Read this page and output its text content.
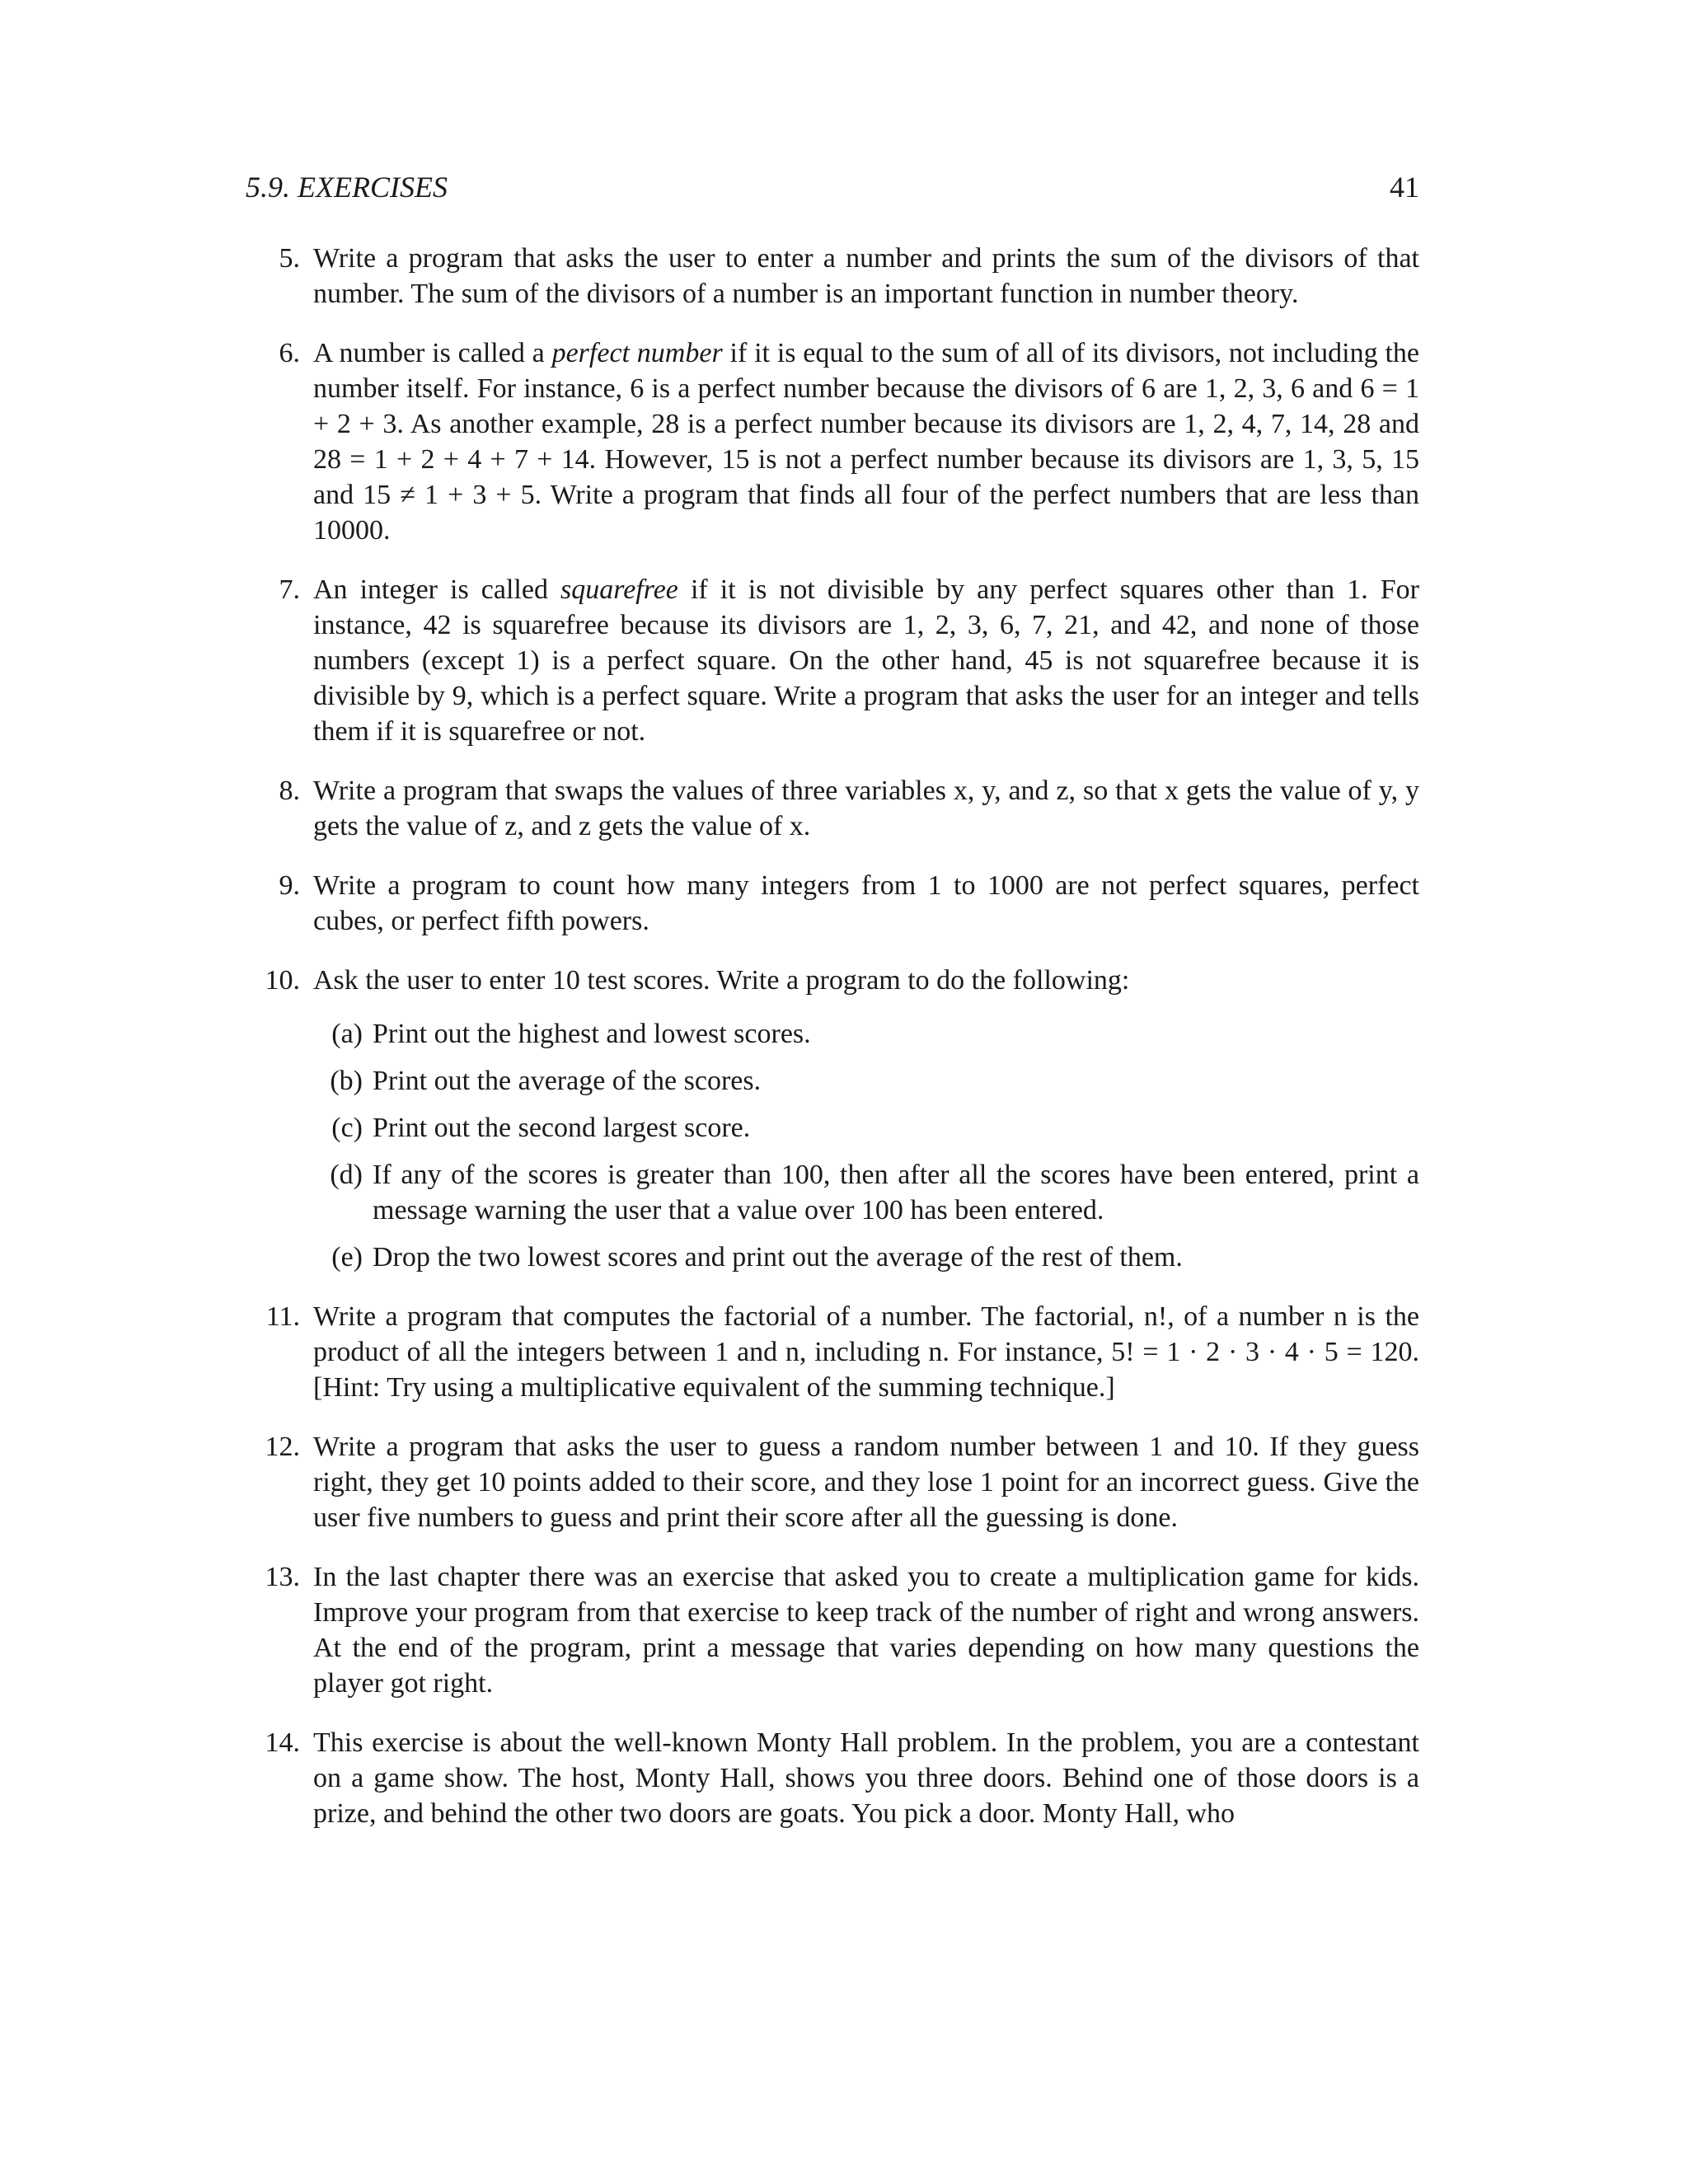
5.9. EXERCISES	41
5. Write a program that asks the user to enter a number and prints the sum of the divisors of that number. The sum of the divisors of a number is an important function in number theory.
6. A number is called a perfect number if it is equal to the sum of all of its divisors, not including the number itself. For instance, 6 is a perfect number because the divisors of 6 are 1, 2, 3, 6 and 6 = 1 + 2 + 3. As another example, 28 is a perfect number because its divisors are 1, 2, 4, 7, 14, 28 and 28 = 1 + 2 + 4 + 7 + 14. However, 15 is not a perfect number because its divisors are 1, 3, 5, 15 and 15 ≠ 1 + 3 + 5. Write a program that finds all four of the perfect numbers that are less than 10000.
7. An integer is called squarefree if it is not divisible by any perfect squares other than 1. For instance, 42 is squarefree because its divisors are 1, 2, 3, 6, 7, 21, and 42, and none of those numbers (except 1) is a perfect square. On the other hand, 45 is not squarefree because it is divisible by 9, which is a perfect square. Write a program that asks the user for an integer and tells them if it is squarefree or not.
8. Write a program that swaps the values of three variables x, y, and z, so that x gets the value of y, y gets the value of z, and z gets the value of x.
9. Write a program to count how many integers from 1 to 1000 are not perfect squares, perfect cubes, or perfect fifth powers.
10. Ask the user to enter 10 test scores. Write a program to do the following:
(a) Print out the highest and lowest scores.
(b) Print out the average of the scores.
(c) Print out the second largest score.
(d) If any of the scores is greater than 100, then after all the scores have been entered, print a message warning the user that a value over 100 has been entered.
(e) Drop the two lowest scores and print out the average of the rest of them.
11. Write a program that computes the factorial of a number. The factorial, n!, of a number n is the product of all the integers between 1 and n, including n. For instance, 5! = 1 · 2 · 3 · 4 · 5 = 120. [Hint: Try using a multiplicative equivalent of the summing technique.]
12. Write a program that asks the user to guess a random number between 1 and 10. If they guess right, they get 10 points added to their score, and they lose 1 point for an incorrect guess. Give the user five numbers to guess and print their score after all the guessing is done.
13. In the last chapter there was an exercise that asked you to create a multiplication game for kids. Improve your program from that exercise to keep track of the number of right and wrong answers. At the end of the program, print a message that varies depending on how many questions the player got right.
14. This exercise is about the well-known Monty Hall problem. In the problem, you are a contestant on a game show. The host, Monty Hall, shows you three doors. Behind one of those doors is a prize, and behind the other two doors are goats. You pick a door. Monty Hall, who
